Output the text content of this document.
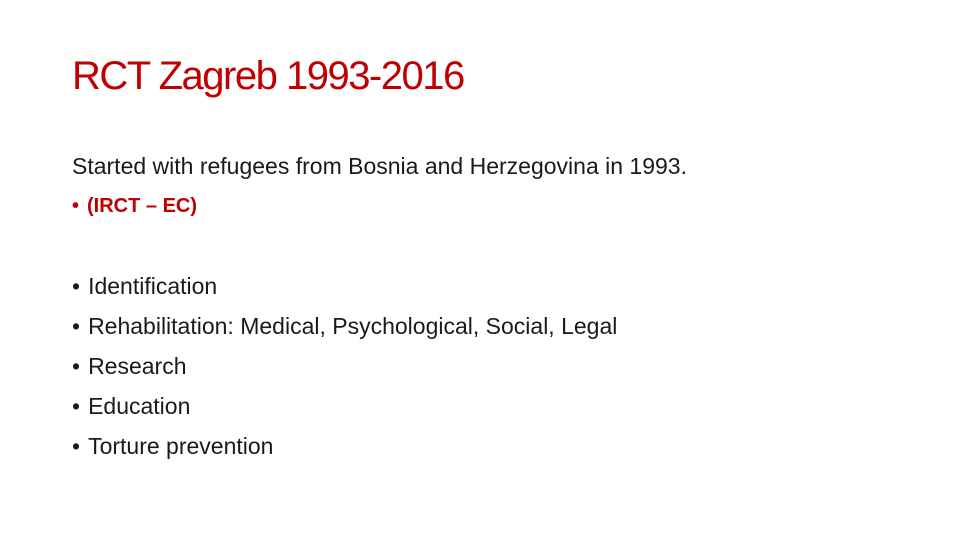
RCT Zagreb 1993-2016
Started with refugees from Bosnia and Herzegovina in 1993.
• (IRCT – EC)
• Identification
• Rehabilitation: Medical, Psychological, Social, Legal
• Research
• Education
• Torture prevention
